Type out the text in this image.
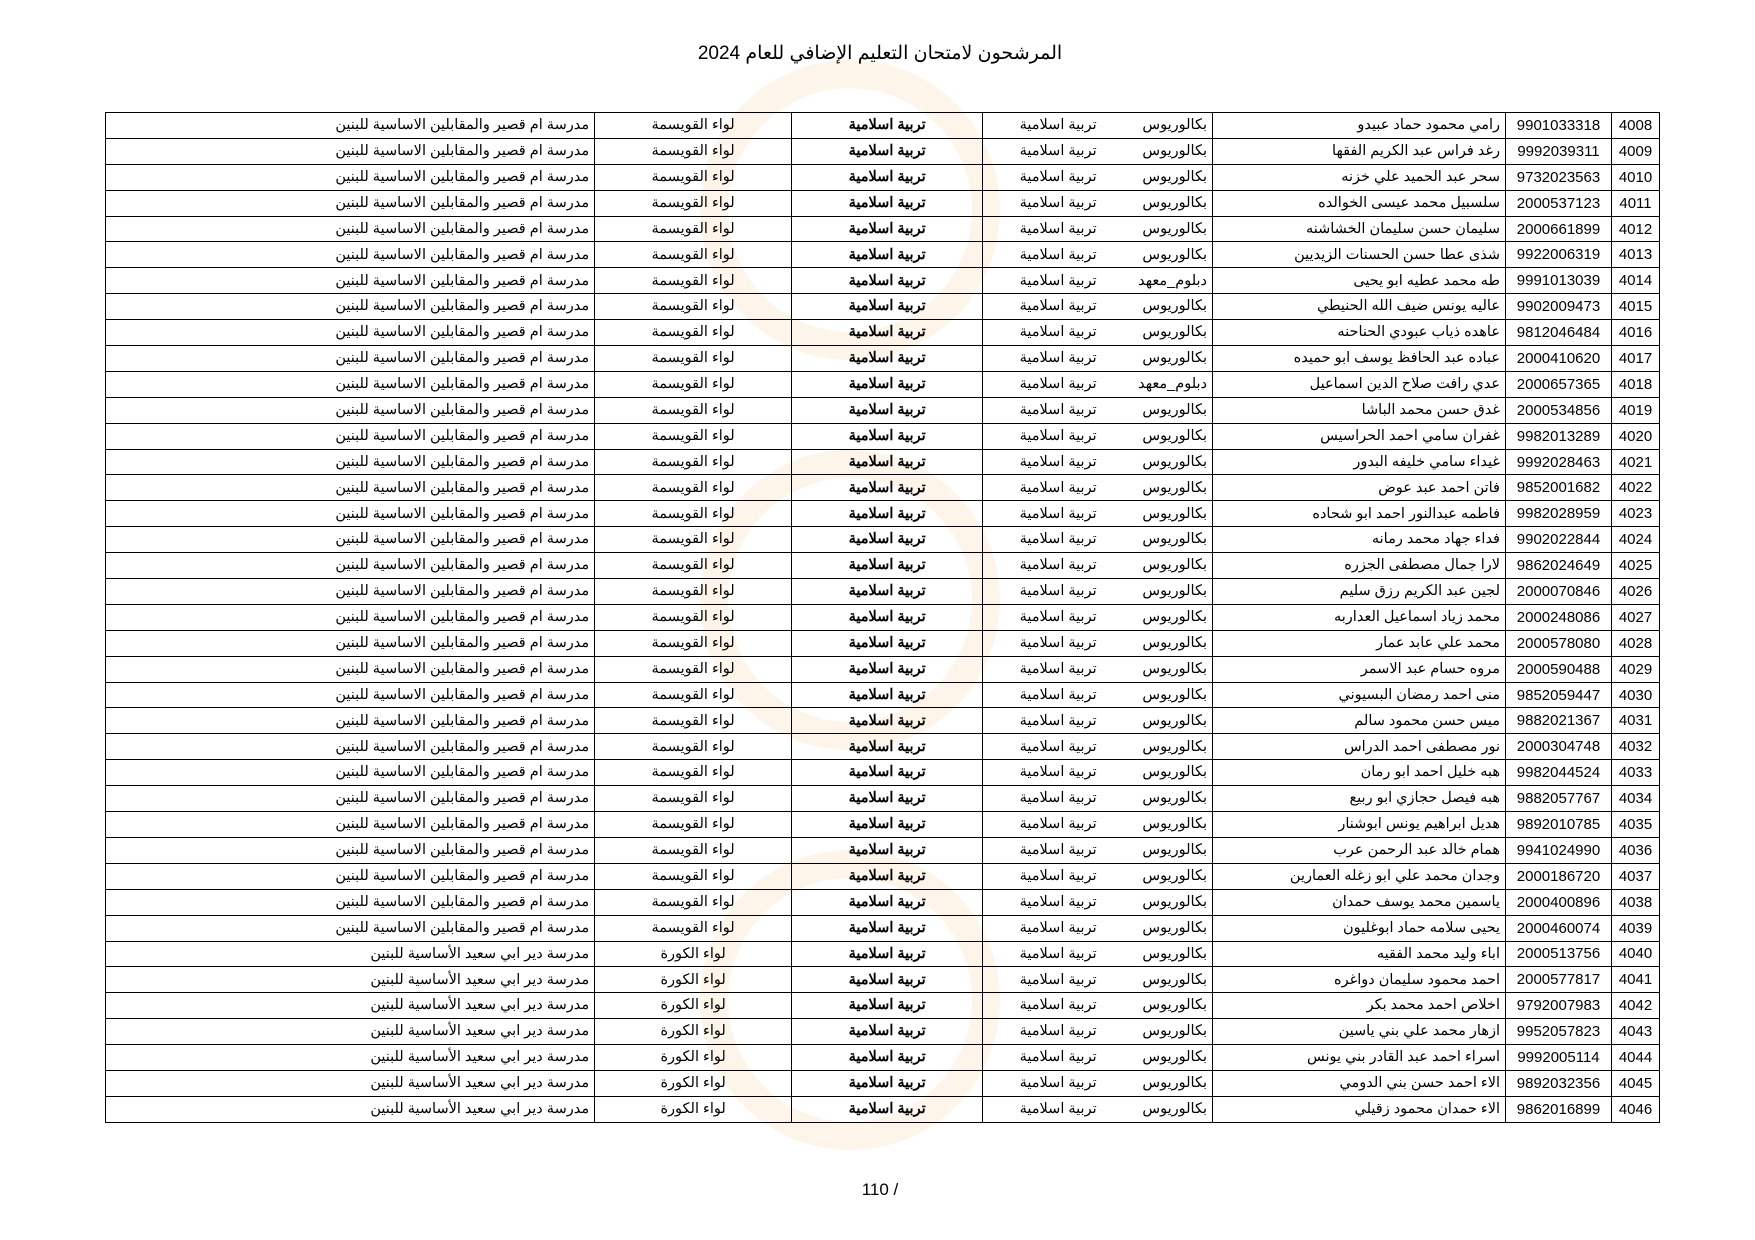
المرشحون لامتحان التعليم الإضافي للعام 2024
4008	9901033318	رامي محمود حماد عبيدو	بكالوريوس	تربية اسلامية	تربية اسلامية	لواء القويسمة	مدرسة ام قصير والمقابلين الاساسية للبنين
4009	9992039311	رغد فراس عبد الكريم الفقها	بكالوريوس	تربية اسلامية	تربية اسلامية	لواء القويسمة	مدرسة ام قصير والمقابلين الاساسية للبنين
4010	9732023563	سحر عبد الحميد علي خزنه	بكالوريوس	تربية اسلامية	تربية اسلامية	لواء القويسمة	مدرسة ام قصير والمقابلين الاساسية للبنين
4011	2000537123	سلسبيل محمد عيسى الخوالده	بكالوريوس	تربية اسلامية	تربية اسلامية	لواء القويسمة	مدرسة ام قصير والمقابلين الاساسية للبنين
4012	2000661899	سليمان حسن سليمان الخشاشنه	بكالوريوس	تربية اسلامية	تربية اسلامية	لواء القويسمة	مدرسة ام قصير والمقابلين الاساسية للبنين
4013	9922006319	شذى عطا حسن الحسنات الزيديين	بكالوريوس	تربية اسلامية	تربية اسلامية	لواء القويسمة	مدرسة ام قصير والمقابلين الاساسية للبنين
4014	9991013039	طه محمد عطيه ابو يحيى	دبلوم_معهد	تربية اسلامية	تربية اسلامية	لواء القويسمة	مدرسة ام قصير والمقابلين الاساسية للبنين
4015	9902009473	عاليه يونس ضيف الله الحنيطي	بكالوريوس	تربية اسلامية	تربية اسلامية	لواء القويسمة	مدرسة ام قصير والمقابلين الاساسية للبنين
4016	9812046484	عاهده ذياب عبودي الحناحنه	بكالوريوس	تربية اسلامية	تربية اسلامية	لواء القويسمة	مدرسة ام قصير والمقابلين الاساسية للبنين
4017	2000410620	عباده عبد الحافظ يوسف ابو حميده	بكالوريوس	تربية اسلامية	تربية اسلامية	لواء القويسمة	مدرسة ام قصير والمقابلين الاساسية للبنين
4018	2000657365	عدي رافت صلاح الدين اسماعيل	دبلوم_معهد	تربية اسلامية	تربية اسلامية	لواء القويسمة	مدرسة ام قصير والمقابلين الاساسية للبنين
4019	2000534856	غدق حسن محمد الباشا	بكالوريوس	تربية اسلامية	تربية اسلامية	لواء القويسمة	مدرسة ام قصير والمقابلين الاساسية للبنين
4020	9982013289	غفران سامي احمد الحراسيس	بكالوريوس	تربية اسلامية	تربية اسلامية	لواء القويسمة	مدرسة ام قصير والمقابلين الاساسية للبنين
4021	9992028463	غيداء سامي خليفه البدور	بكالوريوس	تربية اسلامية	تربية اسلامية	لواء القويسمة	مدرسة ام قصير والمقابلين الاساسية للبنين
4022	9852001682	فاتن احمد عبد عوض	بكالوريوس	تربية اسلامية	تربية اسلامية	لواء القويسمة	مدرسة ام قصير والمقابلين الاساسية للبنين
4023	9982028959	فاطمه عبدالنور احمد ابو شحاده	بكالوريوس	تربية اسلامية	تربية اسلامية	لواء القويسمة	مدرسة ام قصير والمقابلين الاساسية للبنين
4024	9902022844	فداء جهاد محمد رمانه	بكالوريوس	تربية اسلامية	تربية اسلامية	لواء القويسمة	مدرسة ام قصير والمقابلين الاساسية للبنين
4025	9862024649	لارا جمال مصطفى الجزره	بكالوريوس	تربية اسلامية	تربية اسلامية	لواء القويسمة	مدرسة ام قصير والمقابلين الاساسية للبنين
4026	2000070846	لجين عبد الكريم رزق سليم	بكالوريوس	تربية اسلامية	تربية اسلامية	لواء القويسمة	مدرسة ام قصير والمقابلين الاساسية للبنين
4027	2000248086	محمد زياد اسماعيل العداربه	بكالوريوس	تربية اسلامية	تربية اسلامية	لواء القويسمة	مدرسة ام قصير والمقابلين الاساسية للبنين
4028	2000578080	محمد علي عابد عمار	بكالوريوس	تربية اسلامية	تربية اسلامية	لواء القويسمة	مدرسة ام قصير والمقابلين الاساسية للبنين
4029	2000590488	مروه حسام عبد الاسمر	بكالوريوس	تربية اسلامية	تربية اسلامية	لواء القويسمة	مدرسة ام قصير والمقابلين الاساسية للبنين
4030	9852059447	منى احمد رمضان البسيوني	بكالوريوس	تربية اسلامية	تربية اسلامية	لواء القويسمة	مدرسة ام قصير والمقابلين الاساسية للبنين
4031	9882021367	ميس حسن محمود سالم	بكالوريوس	تربية اسلامية	تربية اسلامية	لواء القويسمة	مدرسة ام قصير والمقابلين الاساسية للبنين
4032	2000304748	نور مصطفى احمد الدراس	بكالوريوس	تربية اسلامية	تربية اسلامية	لواء القويسمة	مدرسة ام قصير والمقابلين الاساسية للبنين
4033	9982044524	هبه خليل احمد ابو رمان	بكالوريوس	تربية اسلامية	تربية اسلامية	لواء القويسمة	مدرسة ام قصير والمقابلين الاساسية للبنين
4034	9882057767	هبه فيصل حجازي ابو ربيع	بكالوريوس	تربية اسلامية	تربية اسلامية	لواء القويسمة	مدرسة ام قصير والمقابلين الاساسية للبنين
4035	9892010785	هديل ابراهيم يونس ابوشنار	بكالوريوس	تربية اسلامية	تربية اسلامية	لواء القويسمة	مدرسة ام قصير والمقابلين الاساسية للبنين
4036	9941024990	همام خالد عبد الرحمن عرب	بكالوريوس	تربية اسلامية	تربية اسلامية	لواء القويسمة	مدرسة ام قصير والمقابلين الاساسية للبنين
4037	2000186720	وجدان محمد علي ابو زغله العمارين	بكالوريوس	تربية اسلامية	تربية اسلامية	لواء القويسمة	مدرسة ام قصير والمقابلين الاساسية للبنين
4038	2000400896	ياسمين محمد يوسف حمدان	بكالوريوس	تربية اسلامية	تربية اسلامية	لواء القويسمة	مدرسة ام قصير والمقابلين الاساسية للبنين
4039	2000460074	يحيى سلامه حماد ابوغليون	بكالوريوس	تربية اسلامية	تربية اسلامية	لواء القويسمة	مدرسة ام قصير والمقابلين الاساسية للبنين
4040	2000513756	اباء وليد محمد الفقيه	بكالوريوس	تربية اسلامية	تربية اسلامية	لواء الكورة	مدرسة دير ابي سعيد الأساسية للبنين
4041	2000577817	احمد محمود سليمان دواغره	بكالوريوس	تربية اسلامية	تربية اسلامية	لواء الكورة	مدرسة دير ابي سعيد الأساسية للبنين
4042	9792007983	اخلاص احمد محمد بكر	بكالوريوس	تربية اسلامية	تربية اسلامية	لواء الكورة	مدرسة دير ابي سعيد الأساسية للبنين
4043	9952057823	ازهار محمد علي بني ياسين	بكالوريوس	تربية اسلامية	تربية اسلامية	لواء الكورة	مدرسة دير ابي سعيد الأساسية للبنين
4044	9992005114	اسراء احمد عبد القادر بني يونس	بكالوريوس	تربية اسلامية	تربية اسلامية	لواء الكورة	مدرسة دير ابي سعيد الأساسية للبنين
4045	9892032356	الاء احمد حسن بني الدومي	بكالوريوس	تربية اسلامية	تربية اسلامية	لواء الكورة	مدرسة دير ابي سعيد الأساسية للبنين
4046	9862016899	الاء حمدان محمود زقيلي	بكالوريوس	تربية اسلامية	تربية اسلامية	لواء الكورة	مدرسة دير ابي سعيد الأساسية للبنين
110 /
